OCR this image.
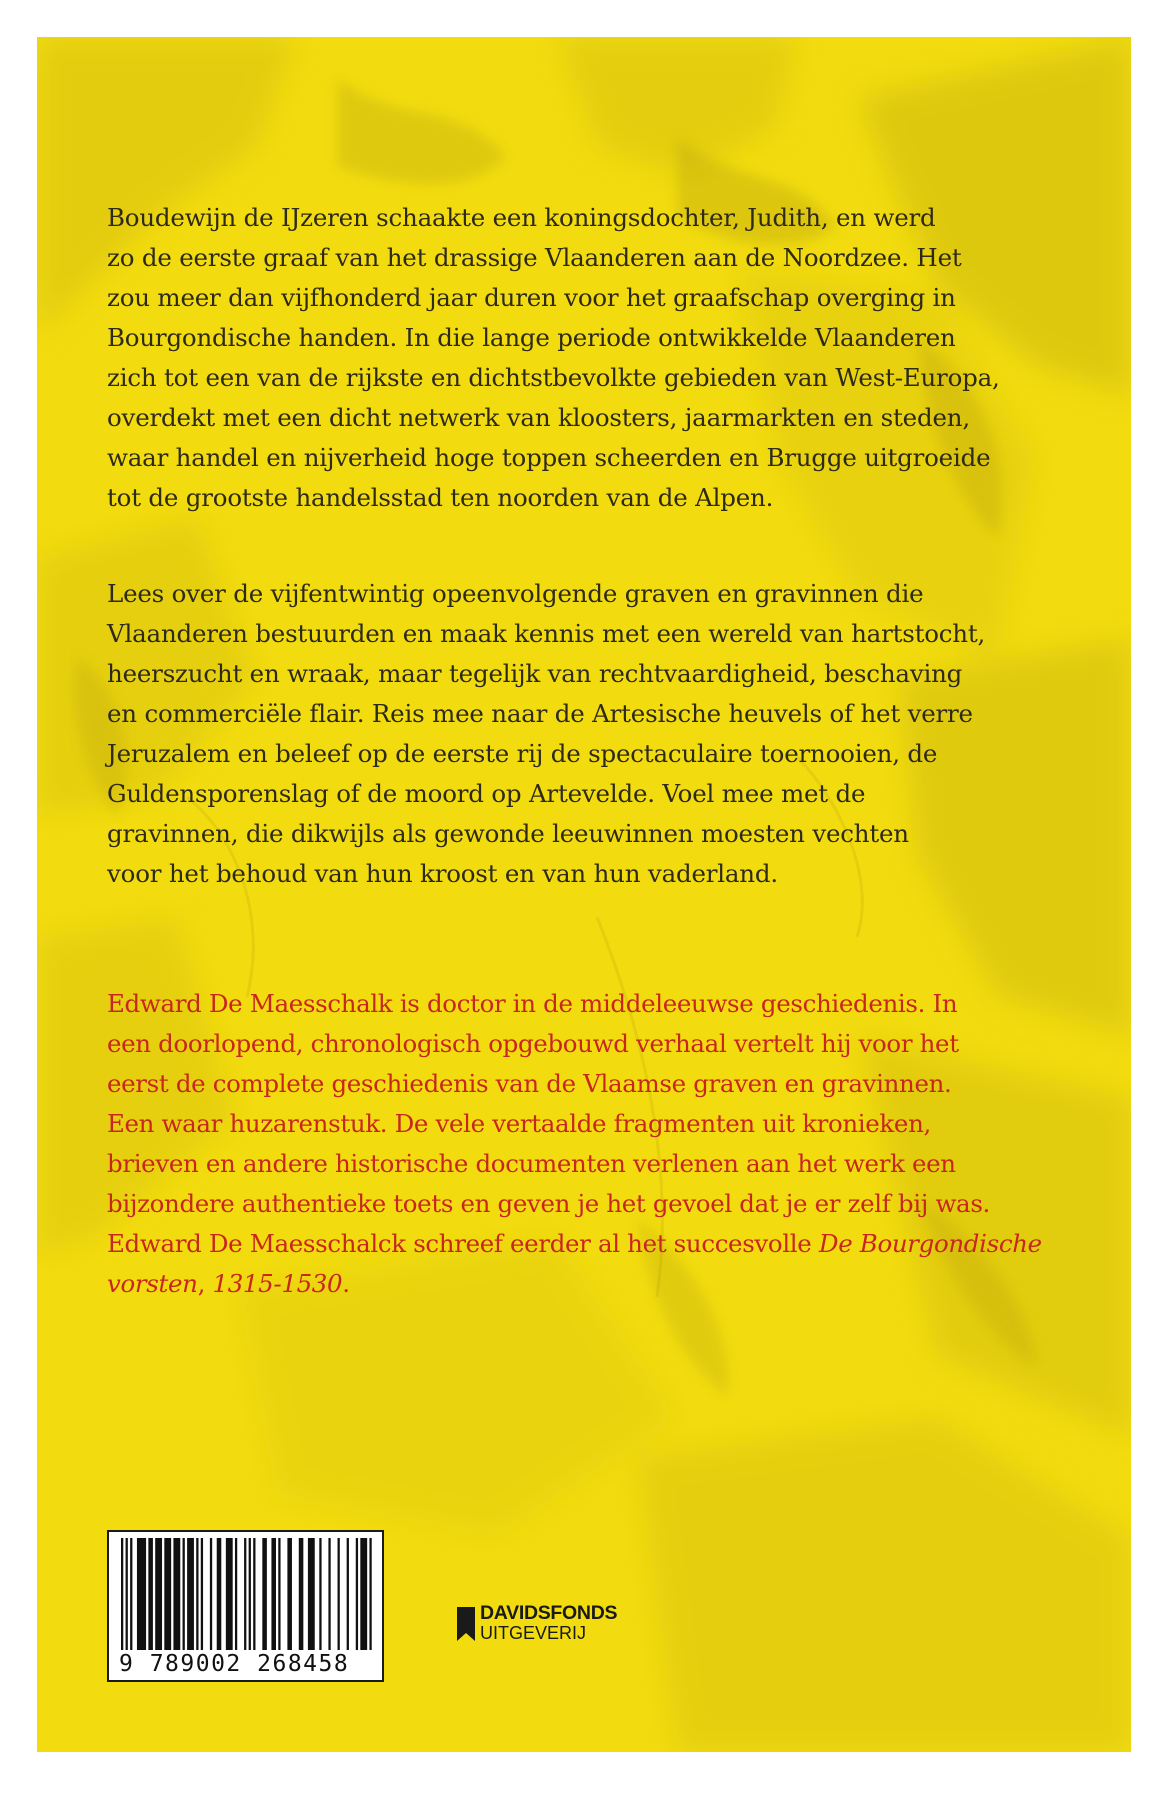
Boudewijn de IJzeren schaakte een koningsdochter, Judith, en werd
zo de eerste graaf van het drassige Vlaanderen aan de Noordzee. Het
zou meer dan vijfhonderd jaar duren voor het graafschap overging in
Bourgondische handen. In die lange periode ontwikkelde Vlaanderen
zich tot een van de rijkste en dichtstbevolkte gebieden van West-Europa,
overdekt met een dicht netwerk van kloosters, jaarmarkten en steden,
waar handel en nijverheid hoge toppen scheerden en Brugge uitgroeide
tot de grootste handelsstad ten noorden van de Alpen.
Lees over de vijfentwintig opeenvolgende graven en gravinnen die
Vlaanderen bestuurden en maak kennis met een wereld van hartstocht,
heerszucht en wraak, maar tegelijk van rechtvaardigheid, beschaving
en commerciële flair. Reis mee naar de Artesische heuvels of het verre
Jeruzalem en beleef op de eerste rij de spectaculaire toernooien, de
Guldensporenslag of de moord op Artevelde. Voel mee met de
gravinnen, die dikwijls als gewonde leeuwinnen moesten vechten
voor het behoud van hun kroost en van hun vaderland.
Edward De Maesschalk is doctor in de middeleeuwse geschiedenis. In
een doorlopend, chronologisch opgebouwd verhaal vertelt hij voor het
eerst de complete geschiedenis van de Vlaamse graven en gravinnen.
Een waar huzarenstuk. De vele vertaalde fragmenten uit kronieken,
brieven en andere historische documenten verlenen aan het werk een
bijzondere authentieke toets en geven je het gevoel dat je er zelf bij was.
Edward De Maesschalck schreef eerder al het succesvolle De Bourgondische
vorsten, 1315-1530.
9 789002 268458
DAVIDSFONDS
UITGEVERIJ
